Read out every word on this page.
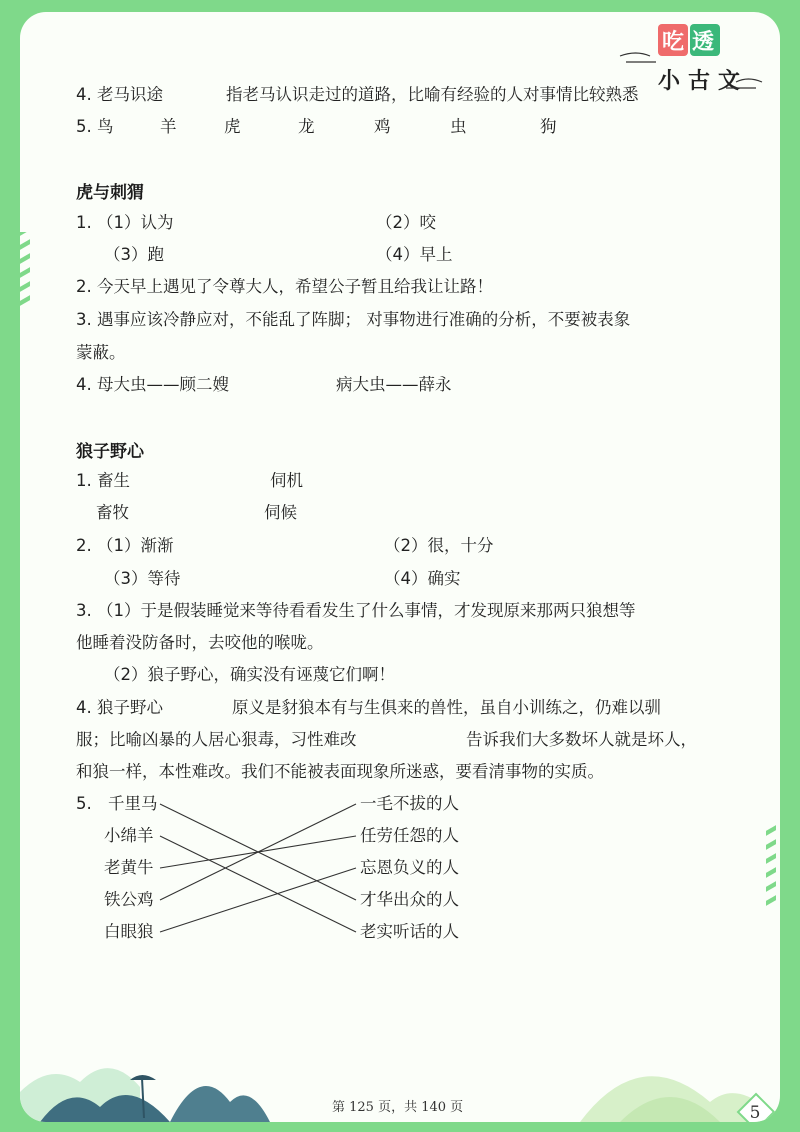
吃透
小古文
4. 老马识途	指老马认识走过的道路，比喻有经验的人对事情比较熟悉
5. 鸟	羊	虎	龙	鸡	虫	狗
虎与刺猬
1. （1）认为	（2）咬
（3）跑	（4）早上
2. 今天早上遇见了令尊大人，希望公子暂且给我让让路！
3. 遇事应该冷静应对，不能乱了阵脚； 对事物进行准确的分析，不要被表象
蒙蔽。
4. 母大虫——顾二嫂	病大虫——薛永
狼子野心
1. 畜生	伺机
畜牧	伺候
2. （1）渐渐	（2）很，十分
（3）等待	（4）确实
3. （1）于是假装睡觉来等待看看发生了什么事情，才发现原来那两只狼想等
他睡着没防备时，去咬他的喉咙。
（2）狼子野心，确实没有诬蔑它们啊！
4. 狼子野心	原义是豺狼本有与生俱来的兽性，虽自小训练之，仍难以驯
服；比喻凶暴的人居心狠毒，习性难改	告诉我们大多数坏人就是坏人，
和狼一样，本性难改。我们不能被表面现象所迷惑，要看清事物的实质。
5. 千里马
小绵羊
老黄牛
铁公鸡
白眼狼
一毛不拔的人
任劳任怨的人
忘恩负义的人
才华出众的人
老实听话的人
第 125 页，共 140 页	5
